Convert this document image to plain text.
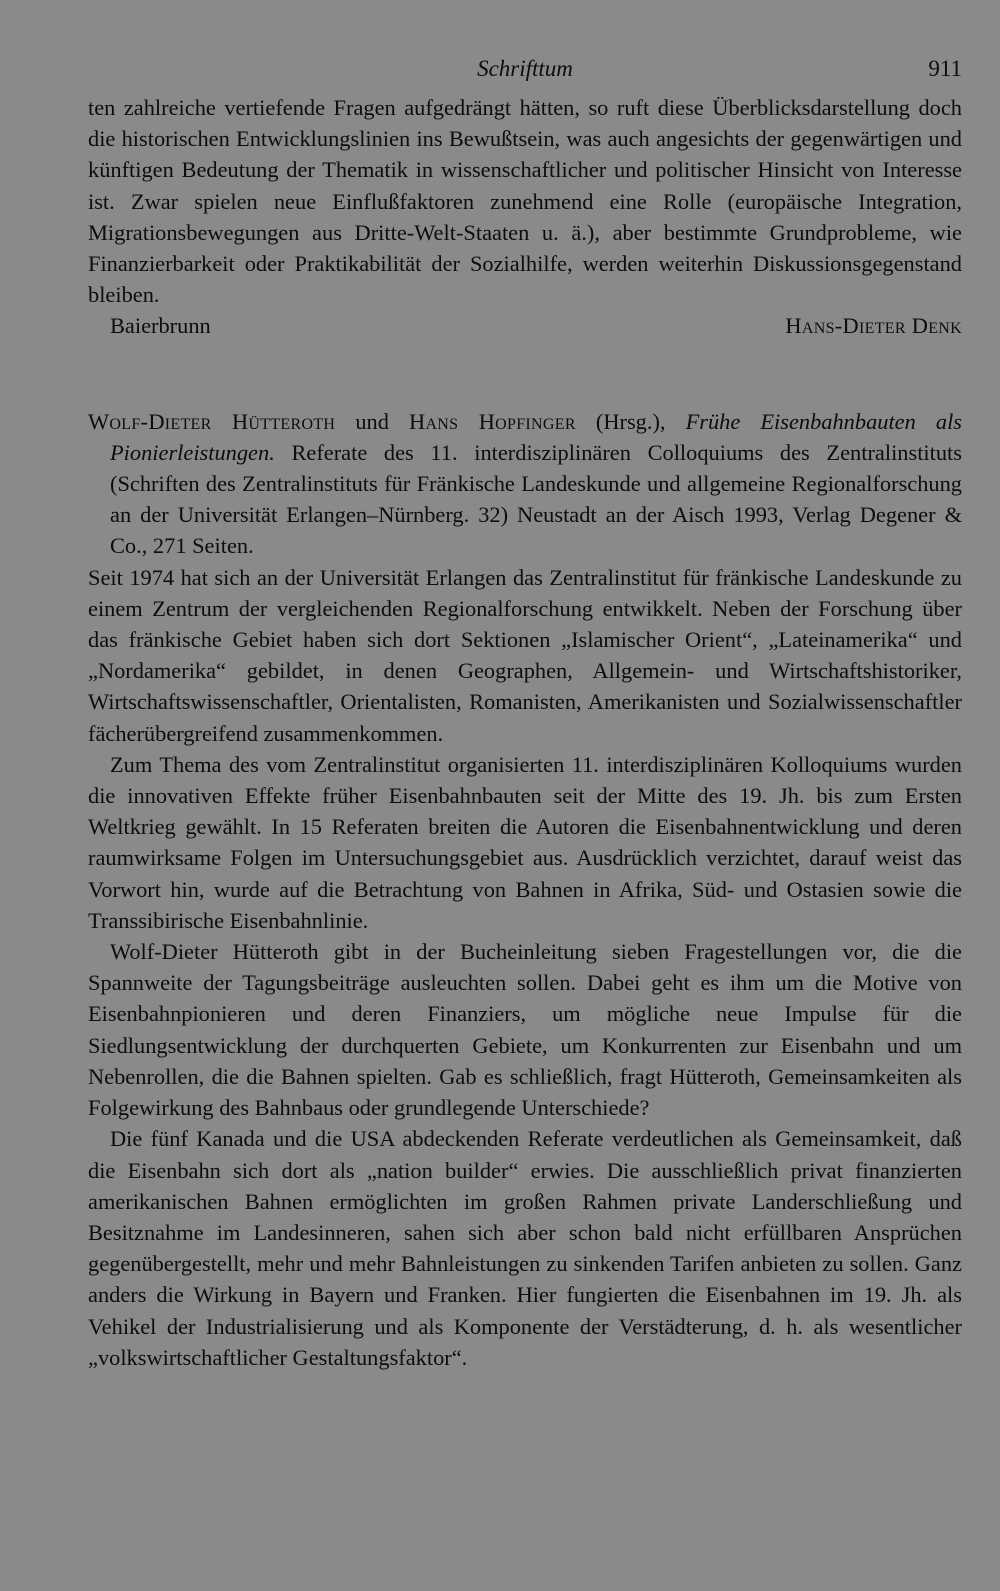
Schrifttum	911

ten zahlreiche vertiefende Fragen aufgedrängt hätten, so ruft diese Überblicksdarstellung doch die historischen Entwicklungslinien ins Bewußtsein, was auch angesichts der gegenwärtigen und künftigen Bedeutung der Thematik in wissenschaftlicher und politischer Hinsicht von Interesse ist. Zwar spielen neue Einflußfaktoren zunehmend eine Rolle (europäische Integration, Migrationsbewegungen aus Dritte-Welt-Staaten u. ä.), aber bestimmte Grundprobleme, wie Finanzierbarkeit oder Praktikabilität der Sozialhilfe, werden weiterhin Diskussionsgegenstand bleiben.

Baierbrunn	Hans-Dieter Denk
Wolf-Dieter Hütteroth und Hans Hopfinger (Hrsg.), Frühe Eisenbahnbauten als Pionierleistungen. Referate des 11. interdisziplinären Colloquiums des Zentralinstituts (Schriften des Zentralinstituts für Fränkische Landeskunde und allgemeine Regionalforschung an der Universität Erlangen–Nürnberg. 32) Neustadt an der Aisch 1993, Verlag Degener & Co., 271 Seiten.

Seit 1974 hat sich an der Universität Erlangen das Zentralinstitut für fränkische Landeskunde zu einem Zentrum der vergleichenden Regionalforschung entwikkelt. Neben der Forschung über das fränkische Gebiet haben sich dort Sektionen „Islamischer Orient“, „Lateinamerika“ und „Nordamerika“ gebildet, in denen Geographen, Allgemein- und Wirtschaftshistoriker, Wirtschaftswissenschaftler, Orientalisten, Romanisten, Amerikanisten und Sozialwissenschaftler fächerübergreifend zusammenkommen.

Zum Thema des vom Zentralinstitut organisierten 11. interdisziplinären Kolloquiums wurden die innovativen Effekte früher Eisenbahnbauten seit der Mitte des 19. Jh. bis zum Ersten Weltkrieg gewählt. In 15 Referaten breiten die Autoren die Eisenbahnentwicklung und deren raumwirksame Folgen im Untersuchungsgebiet aus. Ausdrücklich verzichtet, darauf weist das Vorwort hin, wurde auf die Betrachtung von Bahnen in Afrika, Süd- und Ostasien sowie die Transsibirische Eisenbahnlinie.

Wolf-Dieter Hütteroth gibt in der Bucheinleitung sieben Fragestellungen vor, die die Spannweite der Tagungsbeiträge ausleuchten sollen. Dabei geht es ihm um die Motive von Eisenbahnpionieren und deren Finanziers, um mögliche neue Impulse für die Siedlungsentwicklung der durchquerten Gebiete, um Konkurrenten zur Eisenbahn und um Nebenrollen, die die Bahnen spielten. Gab es schließlich, fragt Hütteroth, Gemeinsamkeiten als Folgewirkung des Bahnbaus oder grundlegende Unterschiede?

Die fünf Kanada und die USA abdeckenden Referate verdeutlichen als Gemeinsamkeit, daß die Eisenbahn sich dort als „nation builder“ erwies. Die ausschließlich privat finanzierten amerikanischen Bahnen ermöglichten im großen Rahmen private Landerschließung und Besitznahme im Landesinneren, sahen sich aber schon bald nicht erfüllbaren Ansprüchen gegenübergestellt, mehr und mehr Bahnleistungen zu sinkenden Tarifen anbieten zu sollen. Ganz anders die Wirkung in Bayern und Franken. Hier fungierten die Eisenbahnen im 19. Jh. als Vehikel der Industrialisierung und als Komponente der Verstädterung, d. h. als wesentlicher „volkswirtschaftlicher Gestaltungsfaktor“.
